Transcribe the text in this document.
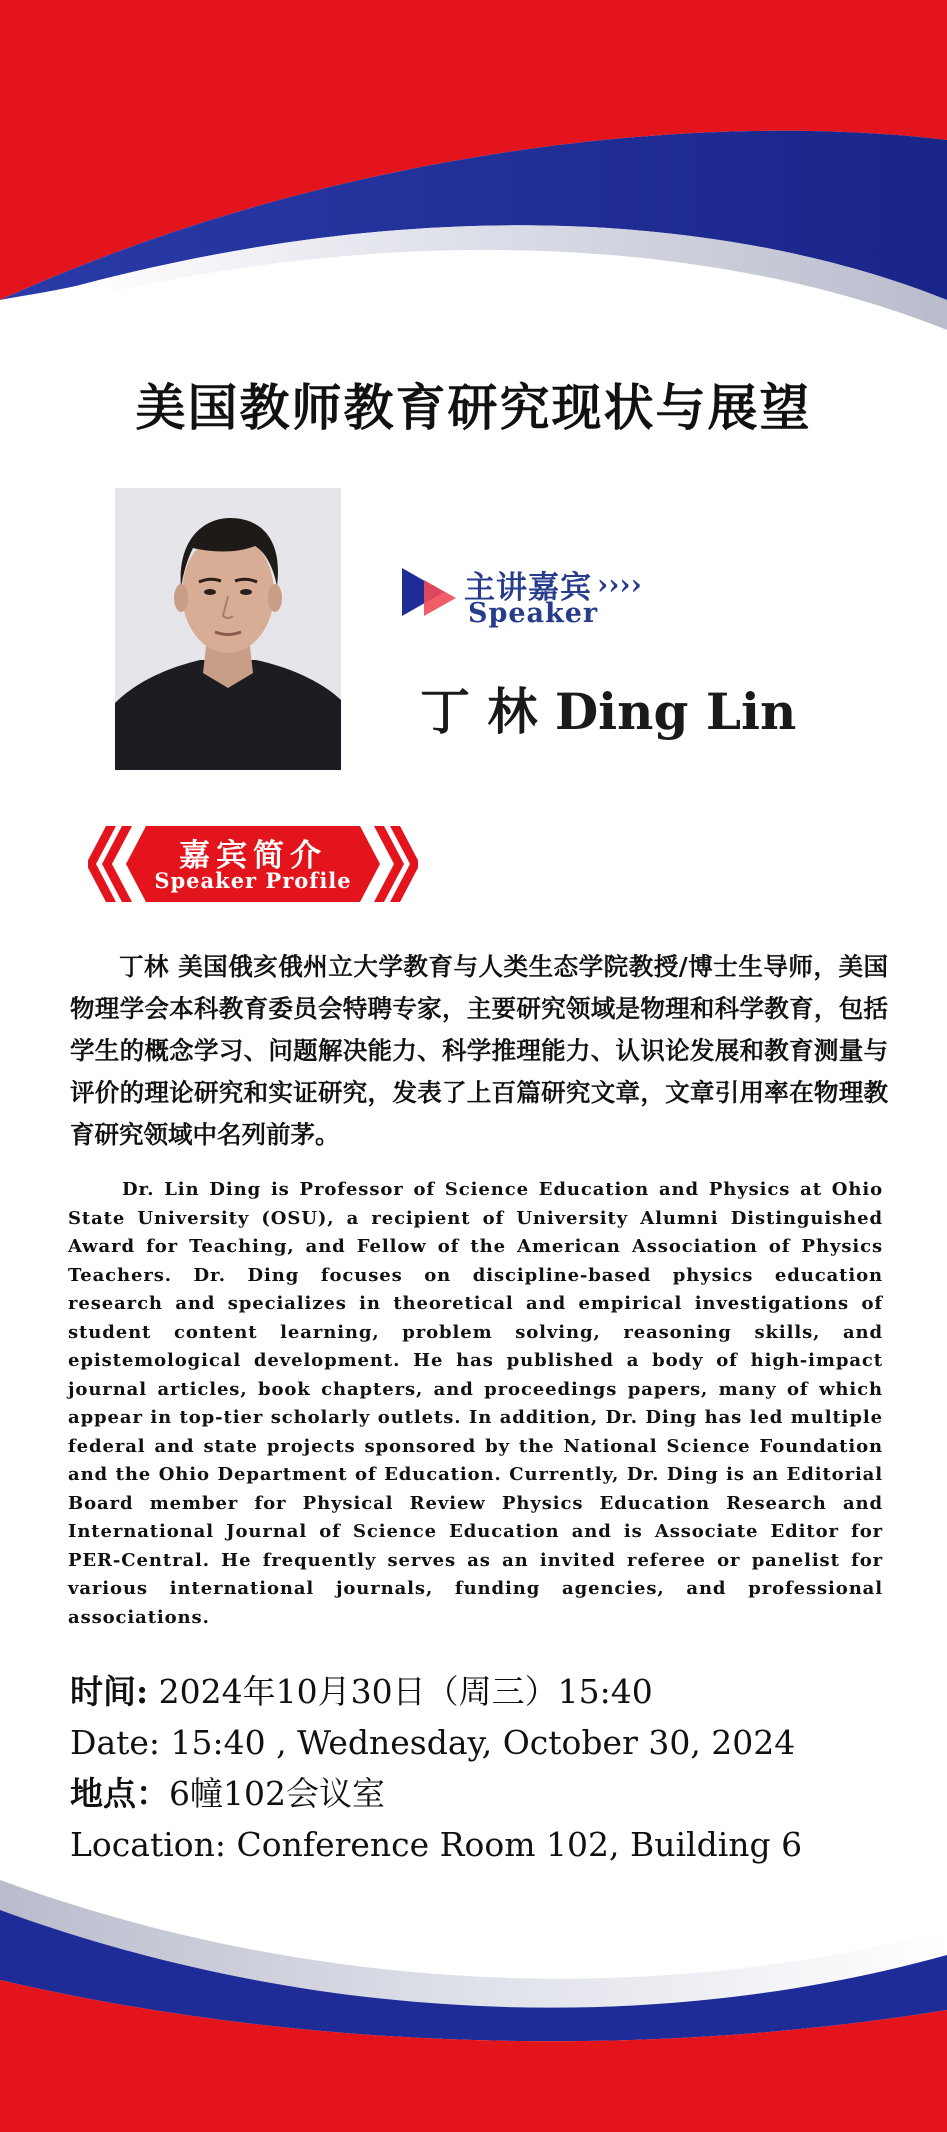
美国教师教育研究现状与展望
主讲嘉宾 ››››
Speaker
丁 林 Ding Lin
嘉宾简介
Speaker Profile
丁林 美国俄亥俄州立大学教育与人类生态学院教授/博士生导师，美国物理学会本科教育委员会特聘专家，主要研究领域是物理和科学教育，包括学生的概念学习、问题解决能力、科学推理能力、认识论发展和教育测量与评价的理论研究和实证研究，发表了上百篇研究文章，文章引用率在物理教育研究领域中名列前茅。
Dr. Lin Ding is Professor of Science Education and Physics at Ohio State University (OSU), a recipient of University Alumni Distinguished Award for Teaching, and Fellow of the American Association of Physics Teachers. Dr. Ding focuses on discipline-based physics education research and specializes in theoretical and empirical investigations of student content learning, problem solving, reasoning skills, and epistemological development. He has published a body of high-impact journal articles, book chapters, and proceedings papers, many of which appear in top-tier scholarly outlets. In addition, Dr. Ding has led multiple federal and state projects sponsored by the National Science Foundation and the Ohio Department of Education. Currently, Dr. Ding is an Editorial Board member for Physical Review Physics Education Research and International Journal of Science Education and is Associate Editor for PER-Central. He frequently serves as an invited referee or panelist for various international journals, funding agencies, and professional associations.
时间: 2024年10月30日（周三）15:40
Date: 15:40 , Wednesday, October 30, 2024
地点：6幢102会议室
Location: Conference Room 102, Building 6
